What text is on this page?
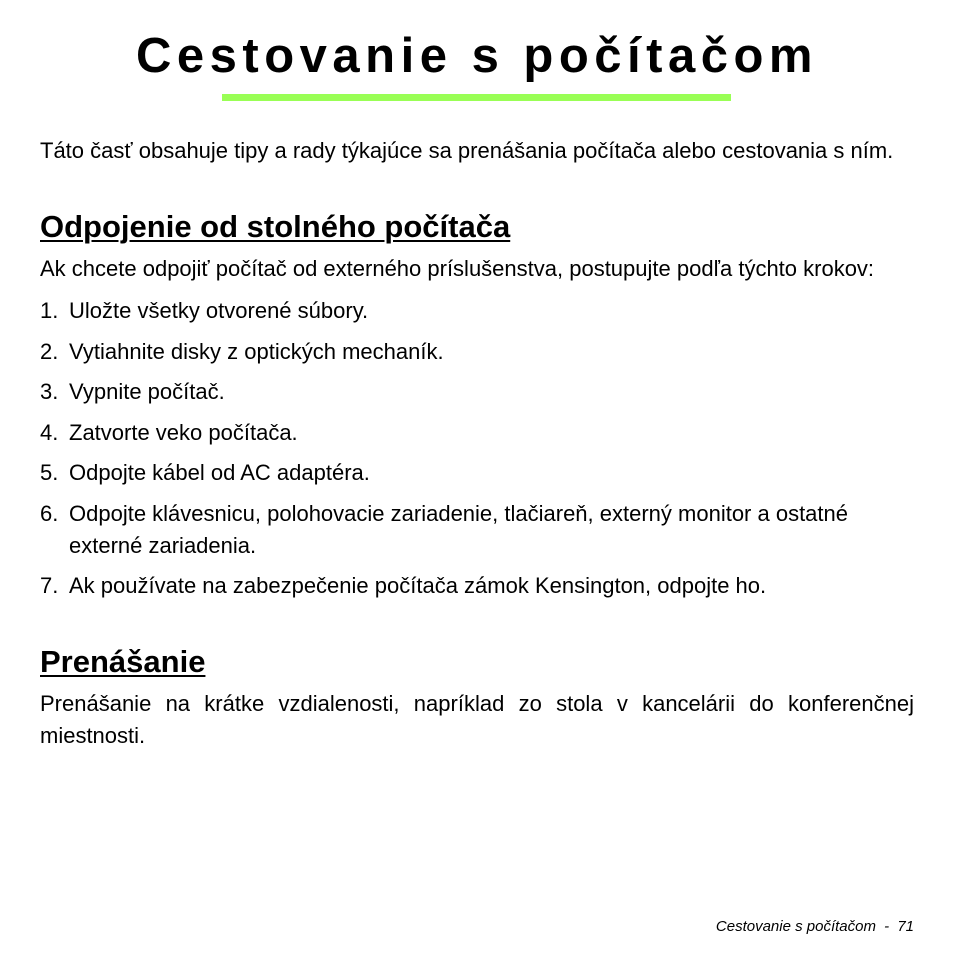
Cestovanie s počítačom

Táto časť obsahuje tipy a rady týkajúce sa prenášania počítača alebo cestovania s ním.

Odpojenie od stolného počítača

Ak chcete odpojiť počítač od externého príslušenstva, postupujte podľa týchto krokov:

1. Uložte všetky otvorené súbory.
2. Vytiahnite disky z optických mechaník.
3. Vypnite počítač.
4. Zatvorte veko počítača.
5. Odpojte kábel od AC adaptéra.
6. Odpojte klávesnicu, polohovacie zariadenie, tlačiareň, externý monitor a ostatné externé zariadenia.
7. Ak používate na zabezpečenie počítača zámok Kensington, odpojte ho.
Prenášanie

Prenášanie na krátke vzdialenosti, napríklad zo stola v kancelárii do konferenčnej miestnosti.

Cestovanie s počítačom - 71
